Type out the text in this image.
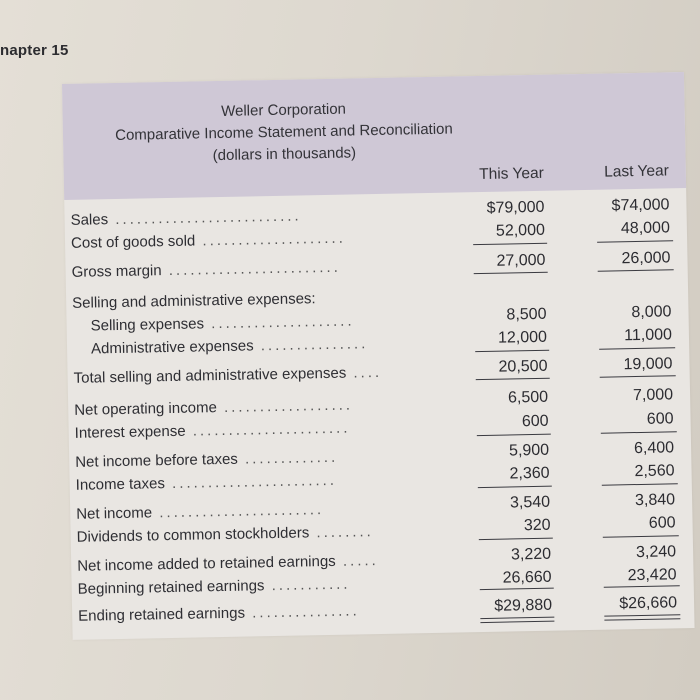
napter 15
Weller Corporation
Comparative Income Statement and Reconciliation
(dollars in thousands)
This Year	Last Year
Sales ..........................	$79,000	$74,000
Cost of goods sold ....................	52,000	48,000
Gross margin ........................	27,000	26,000
Selling and administrative expenses:
Selling expenses ....................	8,500	8,000
Administrative expenses ...............	12,000	11,000
Total selling and administrative expenses ....	20,500	19,000
Net operating income ..................	6,500	7,000
Interest expense ......................	600	600
Net income before taxes .............	5,900	6,400
Income taxes .......................	2,360	2,560
Net income .......................	3,540	3,840
Dividends to common stockholders ........	320	600
Net income added to retained earnings .....	3,220	3,240
Beginning retained earnings ...........	26,660	23,420
Ending retained earnings ...............	$29,880	$26,660
